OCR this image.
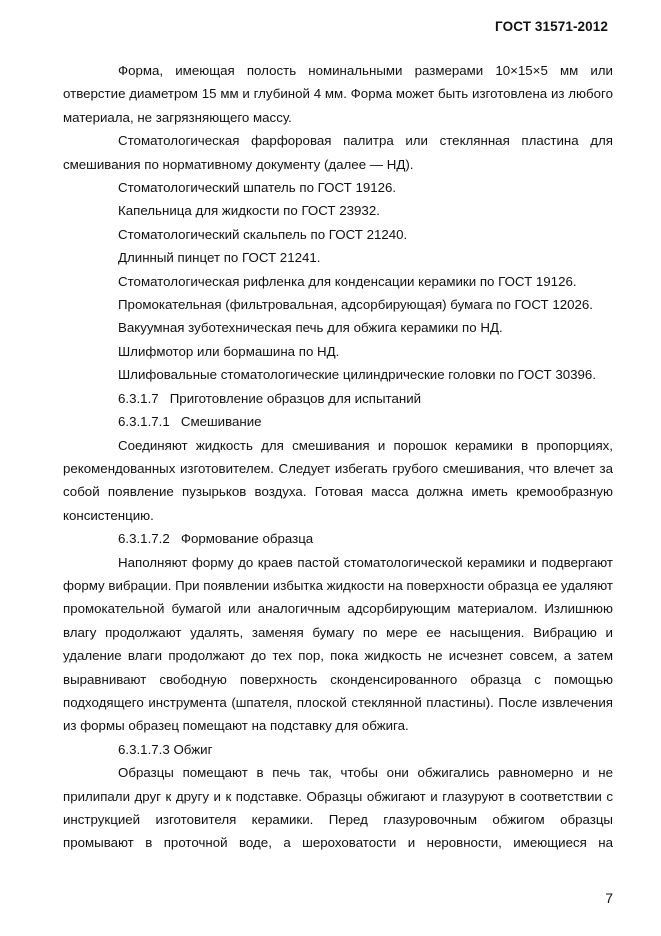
ГОСТ 31571-2012

Форма, имеющая полость номинальными размерами 10×15×5 мм или отверстие диаметром 15 мм и глубиной 4 мм. Форма может быть изготовлена из любого материала, не загрязняющего массу.

Стоматологическая фарфоровая палитра или стеклянная пластина для смешивания по нормативному документу (далее — НД).

Стоматологический шпатель по ГОСТ 19126.

Капельница для жидкости по ГОСТ 23932.

Стоматологический скальпель по ГОСТ 21240.

Длинный пинцет по ГОСТ 21241.

Стоматологическая рифленка для конденсации керамики по ГОСТ 19126.

Промокательная (фильтровальная, адсорбирующая) бумага по ГОСТ 12026.

Вакуумная зуботехническая печь для обжига керамики по НД.

Шлифмотор или бормашина по НД.

Шлифовальные стоматологические цилиндрические головки по ГОСТ 30396.

6.3.1.7   Приготовление образцов для испытаний

6.3.1.7.1   Смешивание

Соединяют жидкость для смешивания и порошок керамики в пропорциях, рекомендованных изготовителем. Следует избегать грубого смешивания, что влечет за собой появление пузырьков воздуха. Готовая масса должна иметь кремообразную консистенцию.

6.3.1.7.2   Формование образца

Наполняют форму до краев пастой стоматологической керамики и подвергают форму вибрации. При появлении избытка жидкости на поверхности образца ее удаляют промокательной бумагой или аналогичным адсорбирующим материалом. Излишнюю влагу продолжают удалять, заменяя бумагу по мере ее насыщения. Вибрацию и удаление влаги продолжают до тех пор, пока жидкость не исчезнет совсем, а затем выравнивают свободную поверхность сконденсированного образца с помощью подходящего инструмента (шпателя, плоской стеклянной пластины). После извлечения из формы образец помещают на подставку для обжига.

6.3.1.7.3 Обжиг

Образцы помещают в печь так, чтобы они обжигались равномерно и не прилипали друг к другу и к подставке. Образцы обжигают и глазуруют в соответствии с инструкцией изготовителя керамики. Перед глазуровочным обжигом образцы промывают в проточной воде, а шероховатости и неровности, имеющиеся на

7
